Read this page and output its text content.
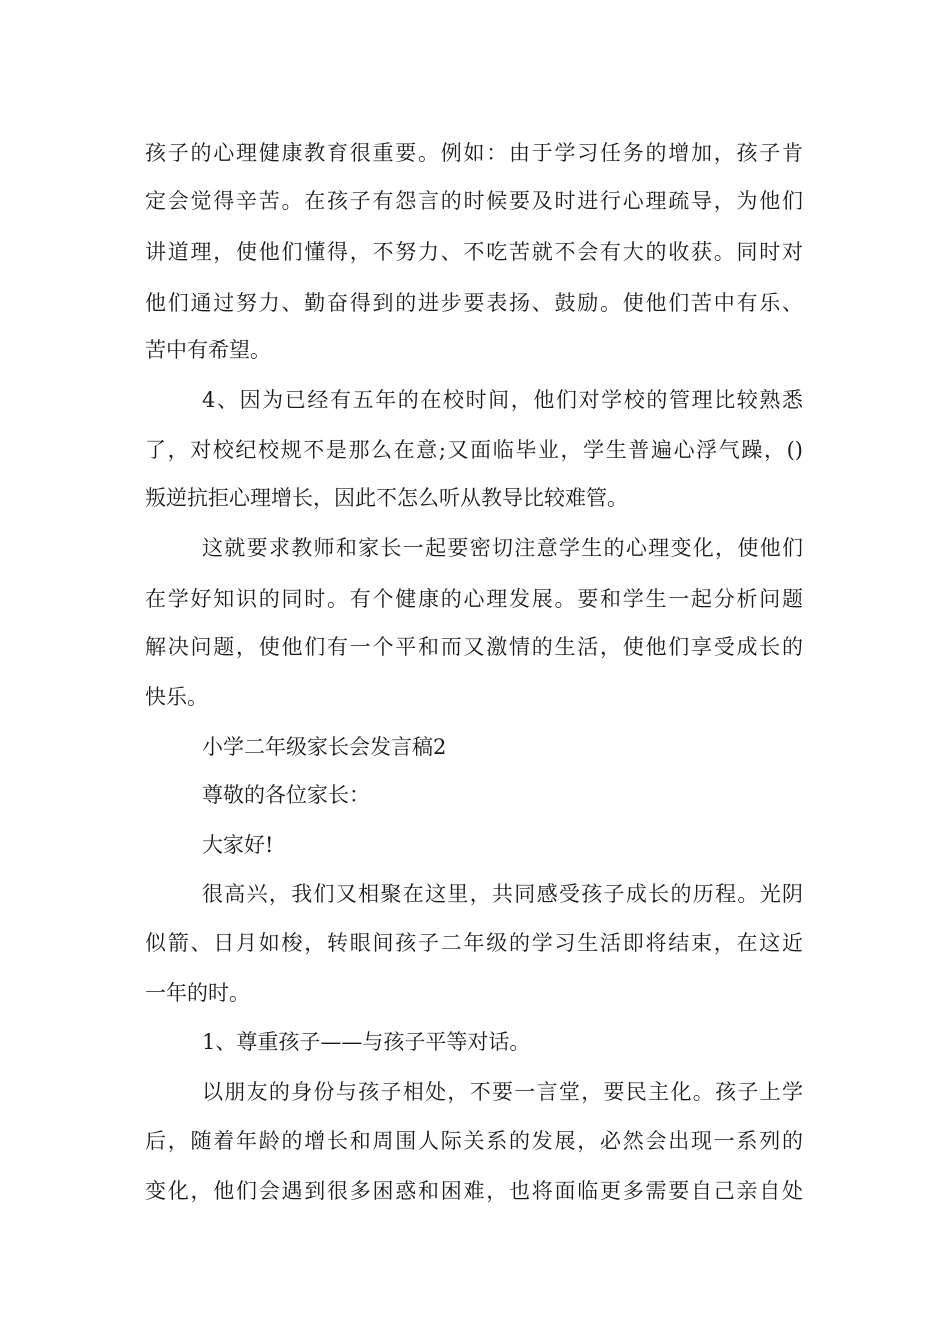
孩子的心理健康教育很重要。例如：由于学习任务的增加，孩子肯
定会觉得辛苦。在孩子有怨言的时候要及时进行心理疏导，为他们
讲道理，使他们懂得，不努力、不吃苦就不会有大的收获。同时对
他们通过努力、勤奋得到的进步要表扬、鼓励。使他们苦中有乐、
苦中有希望。
4、因为已经有五年的在校时间，他们对学校的管理比较熟悉
了，对校纪校规不是那么在意;又面临毕业，学生普遍心浮气躁，()
叛逆抗拒心理增长，因此不怎么听从教导比较难管。
这就要求教师和家长一起要密切注意学生的心理变化，使他们
在学好知识的同时。有个健康的心理发展。要和学生一起分析问题
解决问题，使他们有一个平和而又激情的生活，使他们享受成长的
快乐。
小学二年级家长会发言稿2
尊敬的各位家长：
大家好!
很高兴，我们又相聚在这里，共同感受孩子成长的历程。光阴
似箭、日月如梭，转眼间孩子二年级的学习生活即将结束，在这近
一年的时。
1、尊重孩子——与孩子平等对话。
以朋友的身份与孩子相处，不要一言堂，要民主化。孩子上学
后，随着年龄的增长和周围人际关系的发展，必然会出现一系列的
变化，他们会遇到很多困惑和困难，也将面临更多需要自己亲自处
